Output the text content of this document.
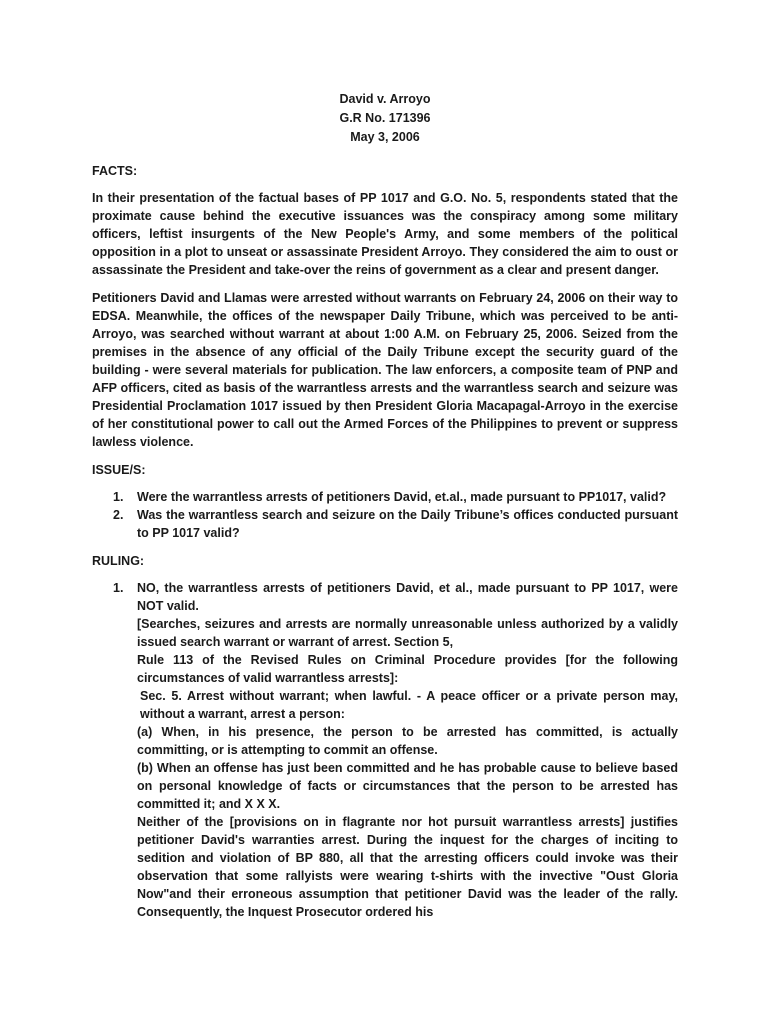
David v. Arroyo
G.R No. 171396
May 3, 2006
FACTS:

In their presentation of the factual bases of PP 1017 and G.O. No. 5, respondents stated that the proximate cause behind the executive issuances was the conspiracy among some military officers, leftist insurgents of the New People's Army, and some members of the political opposition in a plot to unseat or assassinate President Arroyo. They considered the aim to oust or assassinate the President and take-over the reins of government as a clear and present danger.

Petitioners David and Llamas were arrested without warrants on February 24, 2006 on their way to EDSA. Meanwhile, the offices of the newspaper Daily Tribune, which was perceived to be anti-Arroyo, was searched without warrant at about 1:00 A.M. on February 25, 2006. Seized from the premises in the absence of any official of the Daily Tribune except the security guard of the building - were several materials for publication. The law enforcers, a composite team of PNP and AFP officers, cited as basis of the warrantless arrests and the warrantless search and seizure was Presidential Proclamation 1017 issued by then President Gloria Macapagal-Arroyo in the exercise of her constitutional power to call out the Armed Forces of the Philippines to prevent or suppress lawless violence.

ISSUE/S:
1. Were the warrantless arrests of petitioners David, et.al., made pursuant to PP1017, valid?
2. Was the warrantless search and seizure on the Daily Tribune’s offices conducted pursuant to PP 1017 valid?
RULING:
1. NO, the warrantless arrests of petitioners David, et al., made pursuant to PP 1017, were NOT valid.
[Searches, seizures and arrests are normally unreasonable unless authorized by a validly issued search warrant or warrant of arrest. Section 5,
Rule 113 of the Revised Rules on Criminal Procedure provides [for the following circumstances of valid warrantless arrests]:
Sec. 5. Arrest without warrant; when lawful. - A peace officer or a private person may, without a warrant, arrest a person:
(a) When, in his presence, the person to be arrested has committed, is actually committing, or is attempting to commit an offense.
(b) When an offense has just been committed and he has probable cause to believe based on personal knowledge of facts or circumstances that the person to be arrested has committed it; and X X X.
Neither of the [provisions on in flagrante nor hot pursuit warrantless arrests] justifies petitioner David's warranties arrest. During the inquest for the charges of inciting to sedition and violation of BP 880, all that the arresting officers could invoke was their observation that some rallyists were wearing t-shirts with the invective "Oust Gloria Now"and their erroneous assumption that petitioner David was the leader of the rally. Consequently, the Inquest Prosecutor ordered his
